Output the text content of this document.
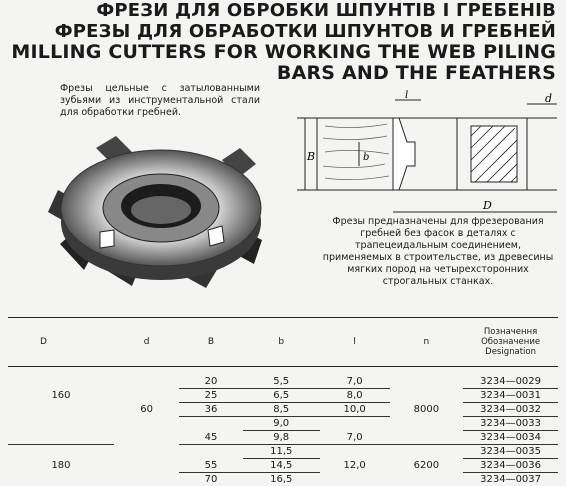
ФРЕЗИ ДЛЯ ОБРОБКИ ШПУНТІВ І ГРЕБЕНІВ
ФРЕЗЫ ДЛЯ ОБРАБОТКИ ШПУНТОВ И ГРЕБНЕЙ
MILLING CUTTERS FOR WORKING THE WEB PILING
BARS AND THE FEATHERS
Фрезы цельные с затылованными зубьями из инструментальной стали для обработки гребней.
l	d
B	b
D
Фрезы предназначены для фрезерования гребней без фасок в деталях с трапецеидальным соединением, применяемых в строительстве, из древесины мягких пород на четырехсторонних строгальных станках.
D	d	B	b	l	n	Позначення
Обозначение
Designation

		20	5,5	7,0		3234—0029
160		25	6,5	8,0		3234—0031
	60	36	8,5	10,0	8000	3234—0032
			9,0			3234—0033
		45	9,8	7,0		3234—0034
			11,5			3234—0035
180		55	14,5	12,0	6200	3234—0036
		70	16,5			3234—0037
